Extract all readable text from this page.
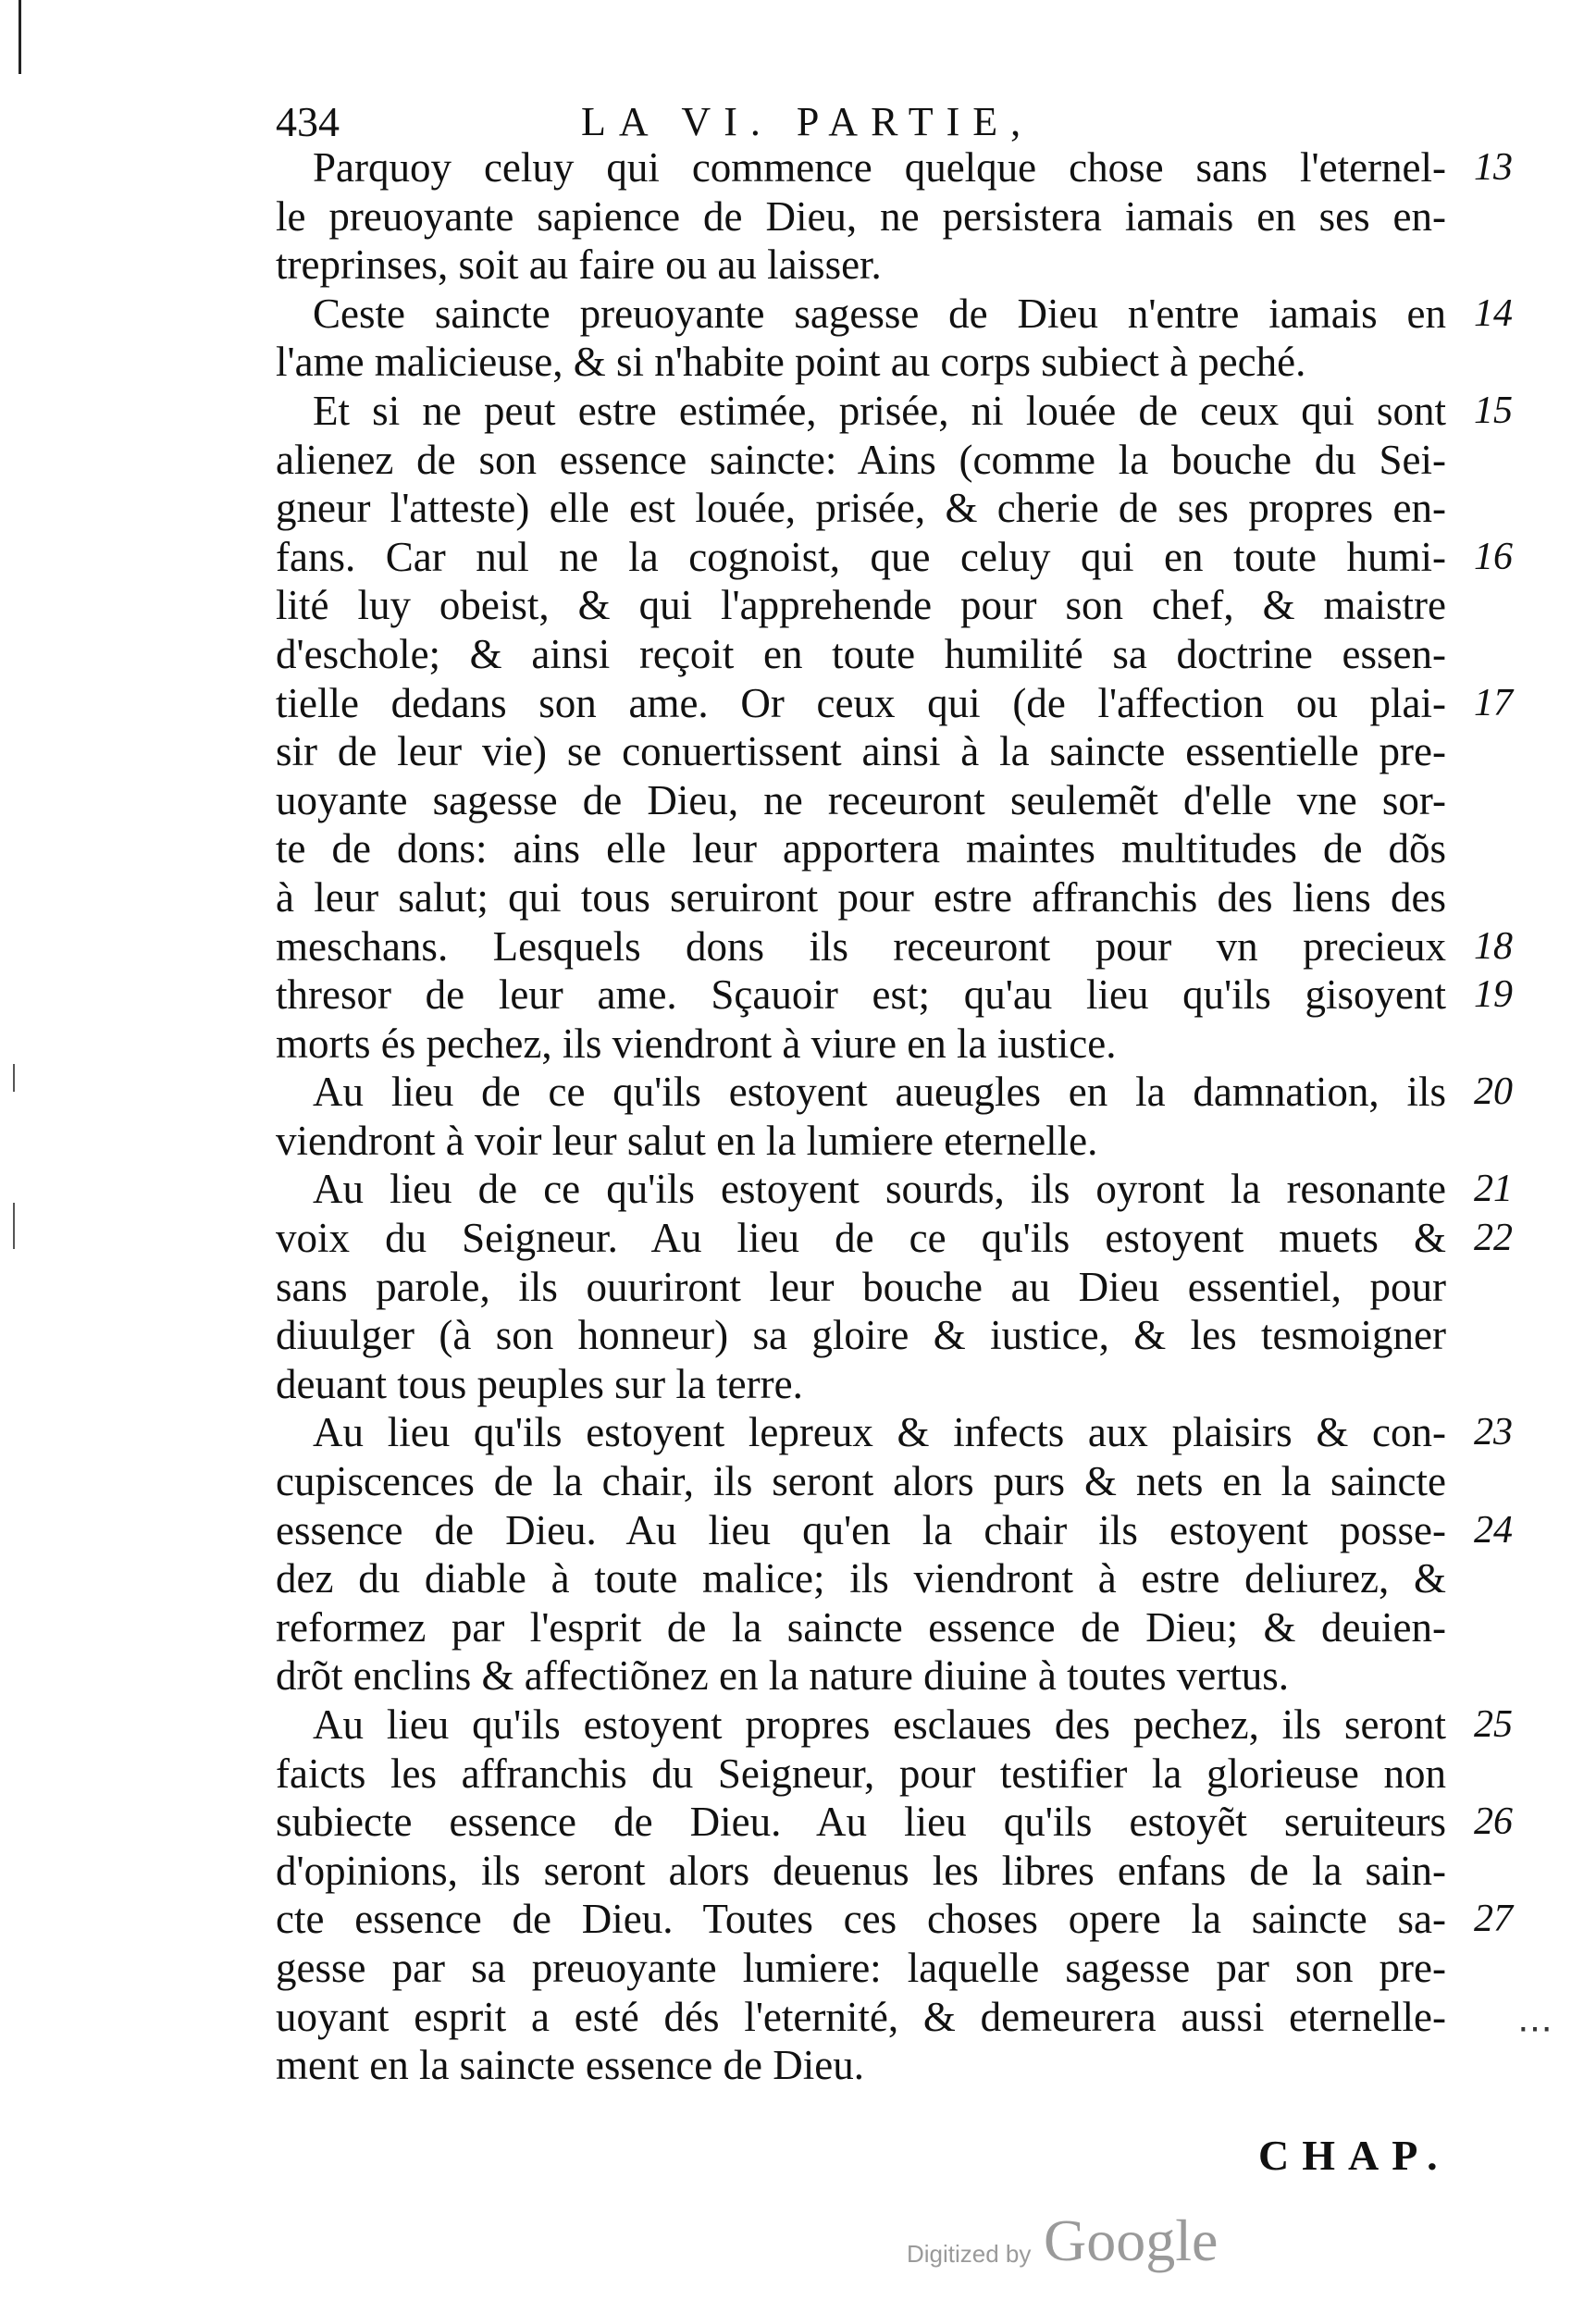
434	LA VI. PARTIE,
Parquoy celuy qui commence quelque chose sans l'eternel- 13
le preuoyante sapience de Dieu, ne persistera iamais en ses en-
treprinses, soit au faire ou au laisser.
Ceste saincte preuoyante sagesse de Dieu n'entre iamais en 14
l'ame malicieuse, & si n'habite point au corps subiect à peché.
Et si ne peut estre estimée, prisée, ni louée de ceux qui sont 15
alienez de son essence saincte: Ains (comme la bouche du Sei-
gneur l'atteste) elle est louée, prisée, & cherie de ses propres en-
fans. Car nul ne la cognoist, que celuy qui en toute humi- 16
lité luy obeist, & qui l'apprehende pour son chef, & maistre
d'eschole; & ainsi reçoit en toute humilité sa doctrine essen-
tielle dedans son ame. Or ceux qui (de l'affection ou plai- 17
sir de leur vie) se conuertissent ainsi à la saincte essentielle pre-
uoyante sagesse de Dieu, ne receuront seulemẽt d'elle vne sor-
te de dons: ains elle leur apportera maintes multitudes de dõs
à leur salut; qui tous seruiront pour estre affranchis des liens des
meschans. Lesquels dons ils receuront pour vn precieux 18
thresor de leur ame. Sçauoir est; qu'au lieu qu'ils gisoyent 19
morts és pechez, ils viendront à viure en la iustice.
Au lieu de ce qu'ils estoyent aueugles en la damnation, ils 20
viendront à voir leur salut en la lumiere eternelle.
Au lieu de ce qu'ils estoyent sourds, ils oyront la resonante 21
voix du Seigneur. Au lieu de ce qu'ils estoyent muets & 22
sans parole, ils ouuriront leur bouche au Dieu essentiel, pour
diuulger (à son honneur) sa gloire & iustice, & les tesmoigner
deuant tous peuples sur la terre.
Au lieu qu'ils estoyent lepreux & infects aux plaisirs & con- 23
cupiscences de la chair, ils seront alors purs & nets en la saincte
essence de Dieu. Au lieu qu'en la chair ils estoyent posse- 24
dez du diable à toute malice; ils viendront à estre deliurez, &
reformez par l'esprit de la saincte essence de Dieu; & deuien-
drõt enclins & affectiõnez en la nature diuine à toutes vertus.
Au lieu qu'ils estoyent propres esclaues des pechez, ils seront 25
faicts les affranchis du Seigneur, pour testifier la glorieuse non
subiecte essence de Dieu. Au lieu qu'ils estoyẽt seruiteurs 26
d'opinions, ils seront alors deuenus les libres enfans de la sain-
cte essence de Dieu. Toutes ces choses opere la saincte sa- 27
gesse par sa preuoyante lumiere: laquelle sagesse par son pre-
uoyant esprit a esté dés l'eternité, & demeurera aussi eternelle-
ment en la saincte essence de Dieu.
CHAP.
⋯
Digitized by Google
